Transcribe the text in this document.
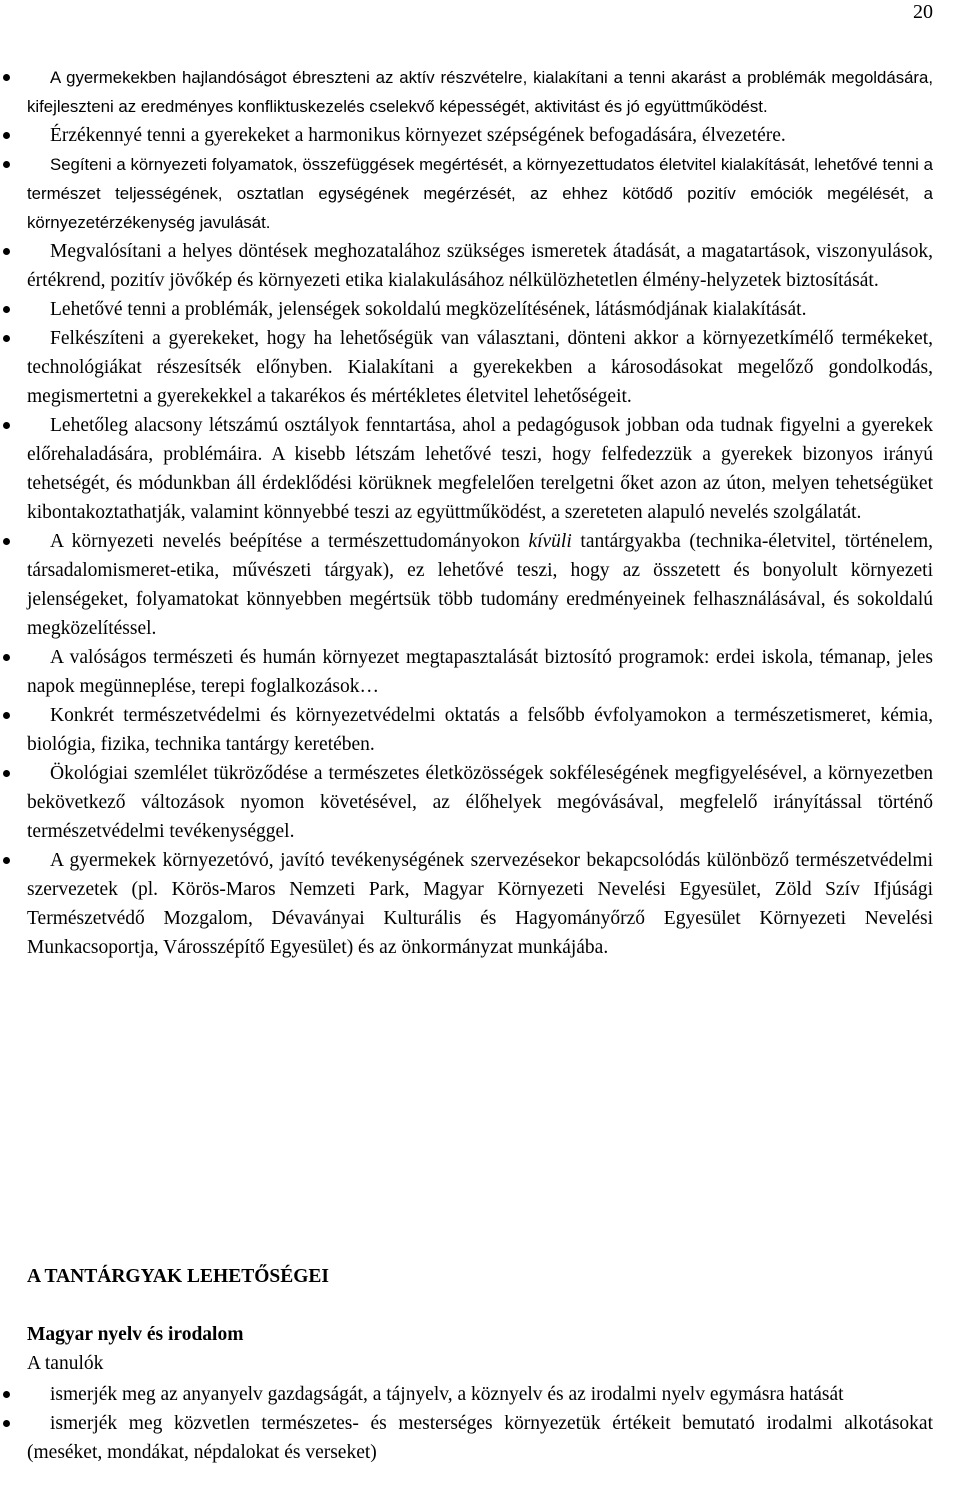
20
A gyermekekben hajlandóságot ébreszteni az aktív részvételre, kialakítani a tenni akarást a problémák megoldására, kifejleszteni az eredményes konfliktuskezelés cselekvő képességét, aktivitást és jó együttműködést.
Érzékennyé tenni a gyerekeket a harmonikus környezet szépségének befogadására, élvezetére.
Segíteni a környezeti folyamatok, összefüggések megértését, a környezettudatos életvitel kialakítását, lehetővé tenni a természet teljességének, osztatlan egységének megérzését, az ehhez kötődő pozitív emóciók megélését, a környezetérzékenység javulását.
Megvalósítani a helyes döntések meghozatalához szükséges ismeretek átadását, a magatartások, viszonyulások, értékrend, pozitív jövőkép és környezeti etika kialakulásához nélkülözhetetlen élmény-helyzetek biztosítását.
Lehetővé tenni a problémák, jelenségek sokoldalú megközelítésének, látásmódjának kialakítását.
Felkészíteni a gyerekeket, hogy ha lehetőségük van választani, dönteni akkor a környezetkímélő termékeket, technológiákat részesítsék előnyben. Kialakítani a gyerekekben a károsodásokat megelőző gondolkodás, megismertetni a gyerekekkel a takarékos és mértékletes életvitel lehetőségeit.
Lehetőleg alacsony létszámú osztályok fenntartása, ahol a pedagógusok jobban oda tudnak figyelni a gyerekek előrehaladására, problémáira. A kisebb létszám lehetővé teszi, hogy felfedezzük a gyerekek bizonyos irányú tehetségét, és módunkban áll érdeklődési körüknek megfelelően terelgetni őket azon az úton, melyen tehetségüket kibontakoztathatják, valamint könnyebbé teszi az együttműködést, a szereteten alapuló nevelés szolgálatát.
A környezeti nevelés beépítése a természettudományokon kívüli tantárgyakba (technika-életvitel, történelem, társadalomismeret-etika, művészeti tárgyak), ez lehetővé teszi, hogy az összetett és bonyolult környezeti jelenségeket, folyamatokat könnyebben megértsük több tudomány eredményeinek felhasználásával, és sokoldalú megközelítéssel.
A valóságos természeti és humán környezet megtapasztalását biztosító programok: erdei iskola, témanap, jeles napok megünneplése, terepi foglalkozások…
Konkrét természetvédelmi és környezetvédelmi oktatás a felsőbb évfolyamokon a természetismeret, kémia, biológia, fizika, technika tantárgy keretében.
Ökológiai szemlélet tükröződése a természetes életközösségek sokféleségének megfigyelésével, a környezetben bekövetkező változások nyomon követésével, az élőhelyek megóvásával, megfelelő irányítással történő természetvédelmi tevékenységgel.
A gyermekek környezetóvó, javító tevékenységének szervezésekor bekapcsolódás különböző természetvédelmi szervezetek (pl. Körös-Maros Nemzeti Park, Magyar Környezeti Nevelési Egyesület, Zöld Szív Ifjúsági Természetvédő Mozgalom, Dévaványai Kulturális és Hagyományőrző Egyesület Környezeti Nevelési Munkacsoportja, Városszépítő Egyesület) és az önkormányzat munkájába.
A TANTÁRGYAK LEHETŐSÉGEI
Magyar nyelv és irodalom

A tanulók

ismerjék meg az anyanyelv gazdagságát, a tájnyelv, a köznyelv és az irodalmi nyelv egymásra hatását
ismerjék meg közvetlen természetes- és mesterséges környezetük értékeit bemutató irodalmi alkotásokat (meséket, mondákat, népdalokat és verseket)
